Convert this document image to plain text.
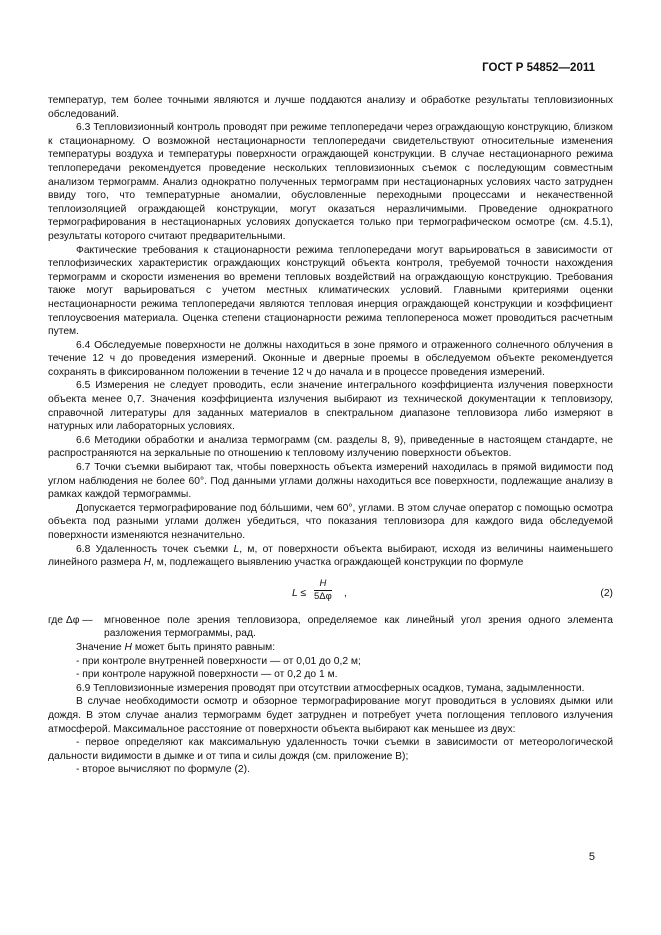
ГОСТ Р 54852—2011

температур, тем более точными являются и лучше поддаются анализу и обработке результаты тепловизионных обследований.

6.3 Тепловизионный контроль проводят при режиме теплопередачи через ограждающую конструкцию, близком к стационарному. О возможной нестационарности теплопередачи свидетельствуют относительные изменения температуры воздуха и температуры поверхности ограждающей конструкции. В случае нестационарного режима теплопередачи рекомендуется проведение нескольких тепловизионных съемок с последующим совместным анализом термограмм. Анализ однократно полученных термограмм при нестационарных условиях часто затруднен ввиду того, что температурные аномалии, обусловленные переходными процессами и некачественной теплоизоляцией ограждающей конструкции, могут оказаться неразличимыми. Проведение однократного термографирования в нестационарных условиях допускается только при термографическом осмотре (см. 4.5.1), результаты которого считают предварительными.

Фактические требования к стационарности режима теплопередачи могут варьироваться в зависимости от теплофизических характеристик ограждающих конструкций объекта контроля, требуемой точности нахождения термограмм и скорости изменения во времени тепловых воздействий на ограждающую конструкцию. Требования также могут варьироваться с учетом местных климатических условий. Главными критериями оценки нестационарности режима теплопередачи являются тепловая инерция ограждающей конструкции и коэффициент теплоусвоения материала. Оценка степени стационарности режима теплопереноса может проводиться расчетным путем.

6.4 Обследуемые поверхности не должны находиться в зоне прямого и отраженного солнечного облучения в течение 12 ч до проведения измерений. Оконные и дверные проемы в обследуемом объекте рекомендуется сохранять в фиксированном положении в течение 12 ч до начала и в процессе проведения измерений.

6.5 Измерения не следует проводить, если значение интегрального коэффициента излучения поверхности объекта менее 0,7. Значения коэффициента излучения выбирают из технической документации к тепловизору, справочной литературы для заданных материалов в спектральном диапазоне тепловизора либо измеряют в натурных или лабораторных условиях.

6.6 Методики обработки и анализа термограмм (см. разделы 8, 9), приведенные в настоящем стандарте, не распространяются на зеркальные по отношению к тепловому излучению поверхности объектов.

6.7 Точки съемки выбирают так, чтобы поверхность объекта измерений находилась в прямой видимости под углом наблюдения не более 60°. Под данными углами должны находиться все поверхности, подлежащие анализу в рамках каждой термограммы.

Допускается термографирование под бо́льшими, чем 60°, углами. В этом случае оператор с помощью осмотра объекта под разными углами должен убедиться, что показания тепловизора для каждого вида обследуемой поверхности изменяются незначительно.

6.8 Удаленность точек съемки L, м, от поверхности объекта выбирают, исходя из величины наименьшего линейного размера H, м, подлежащего выявлению участка ограждающей конструкции по формуле

$L \le \frac{H}{5\Delta\varphi}$ ,	(2)
где Δφ —	мгновенное поле зрения тепловизора, определяемое как линейный угол зрения одного элемента разложения термограммы, рад.

Значение H может быть принято равным:

- при контроле внутренней поверхности — от 0,01 до 0,2 м;

- при контроле наружной поверхности — от 0,2 до 1 м.

6.9 Тепловизионные измерения проводят при отсутствии атмосферных осадков, тумана, задымленности.

В случае необходимости осмотр и обзорное термографирование могут проводиться в условиях дымки или дождя. В этом случае анализ термограмм будет затруднен и потребует учета поглощения теплового излучения атмосферой. Максимальное расстояние от поверхности объекта выбирают как меньшее из двух:

- первое определяют как максимальную удаленность точки съемки в зависимости от метеорологической дальности видимости в дымке и от типа и силы дождя (см. приложение В);

- второе вычисляют по формуле (2).

5
